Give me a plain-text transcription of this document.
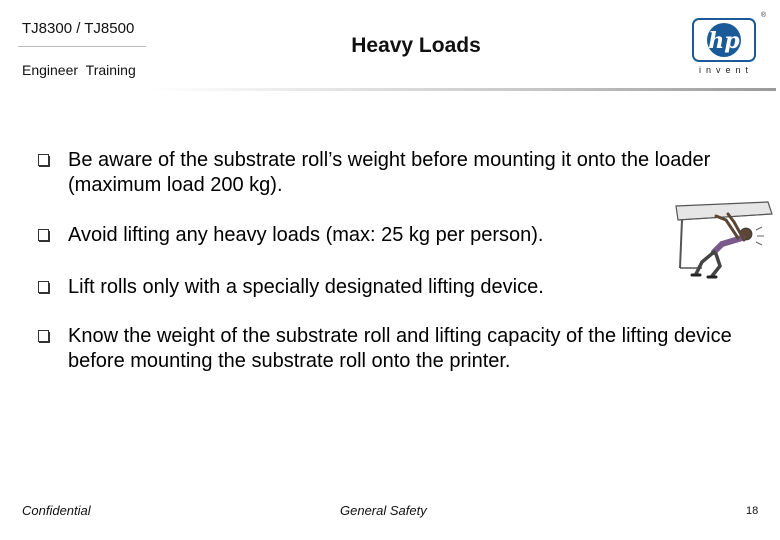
TJ8300 / TJ8500
Engineer Training
Heavy Loads
®
hp
invent
Be aware of the substrate roll’s weight before mounting it onto the loader (maximum load 200 kg).
Avoid lifting any heavy loads (max: 25 kg per person).
Lift rolls only with a specially designated lifting device.
Know the weight of the substrate roll and lifting capacity of the lifting device before mounting the substrate roll onto the printer.
Confidential	General Safety	18
